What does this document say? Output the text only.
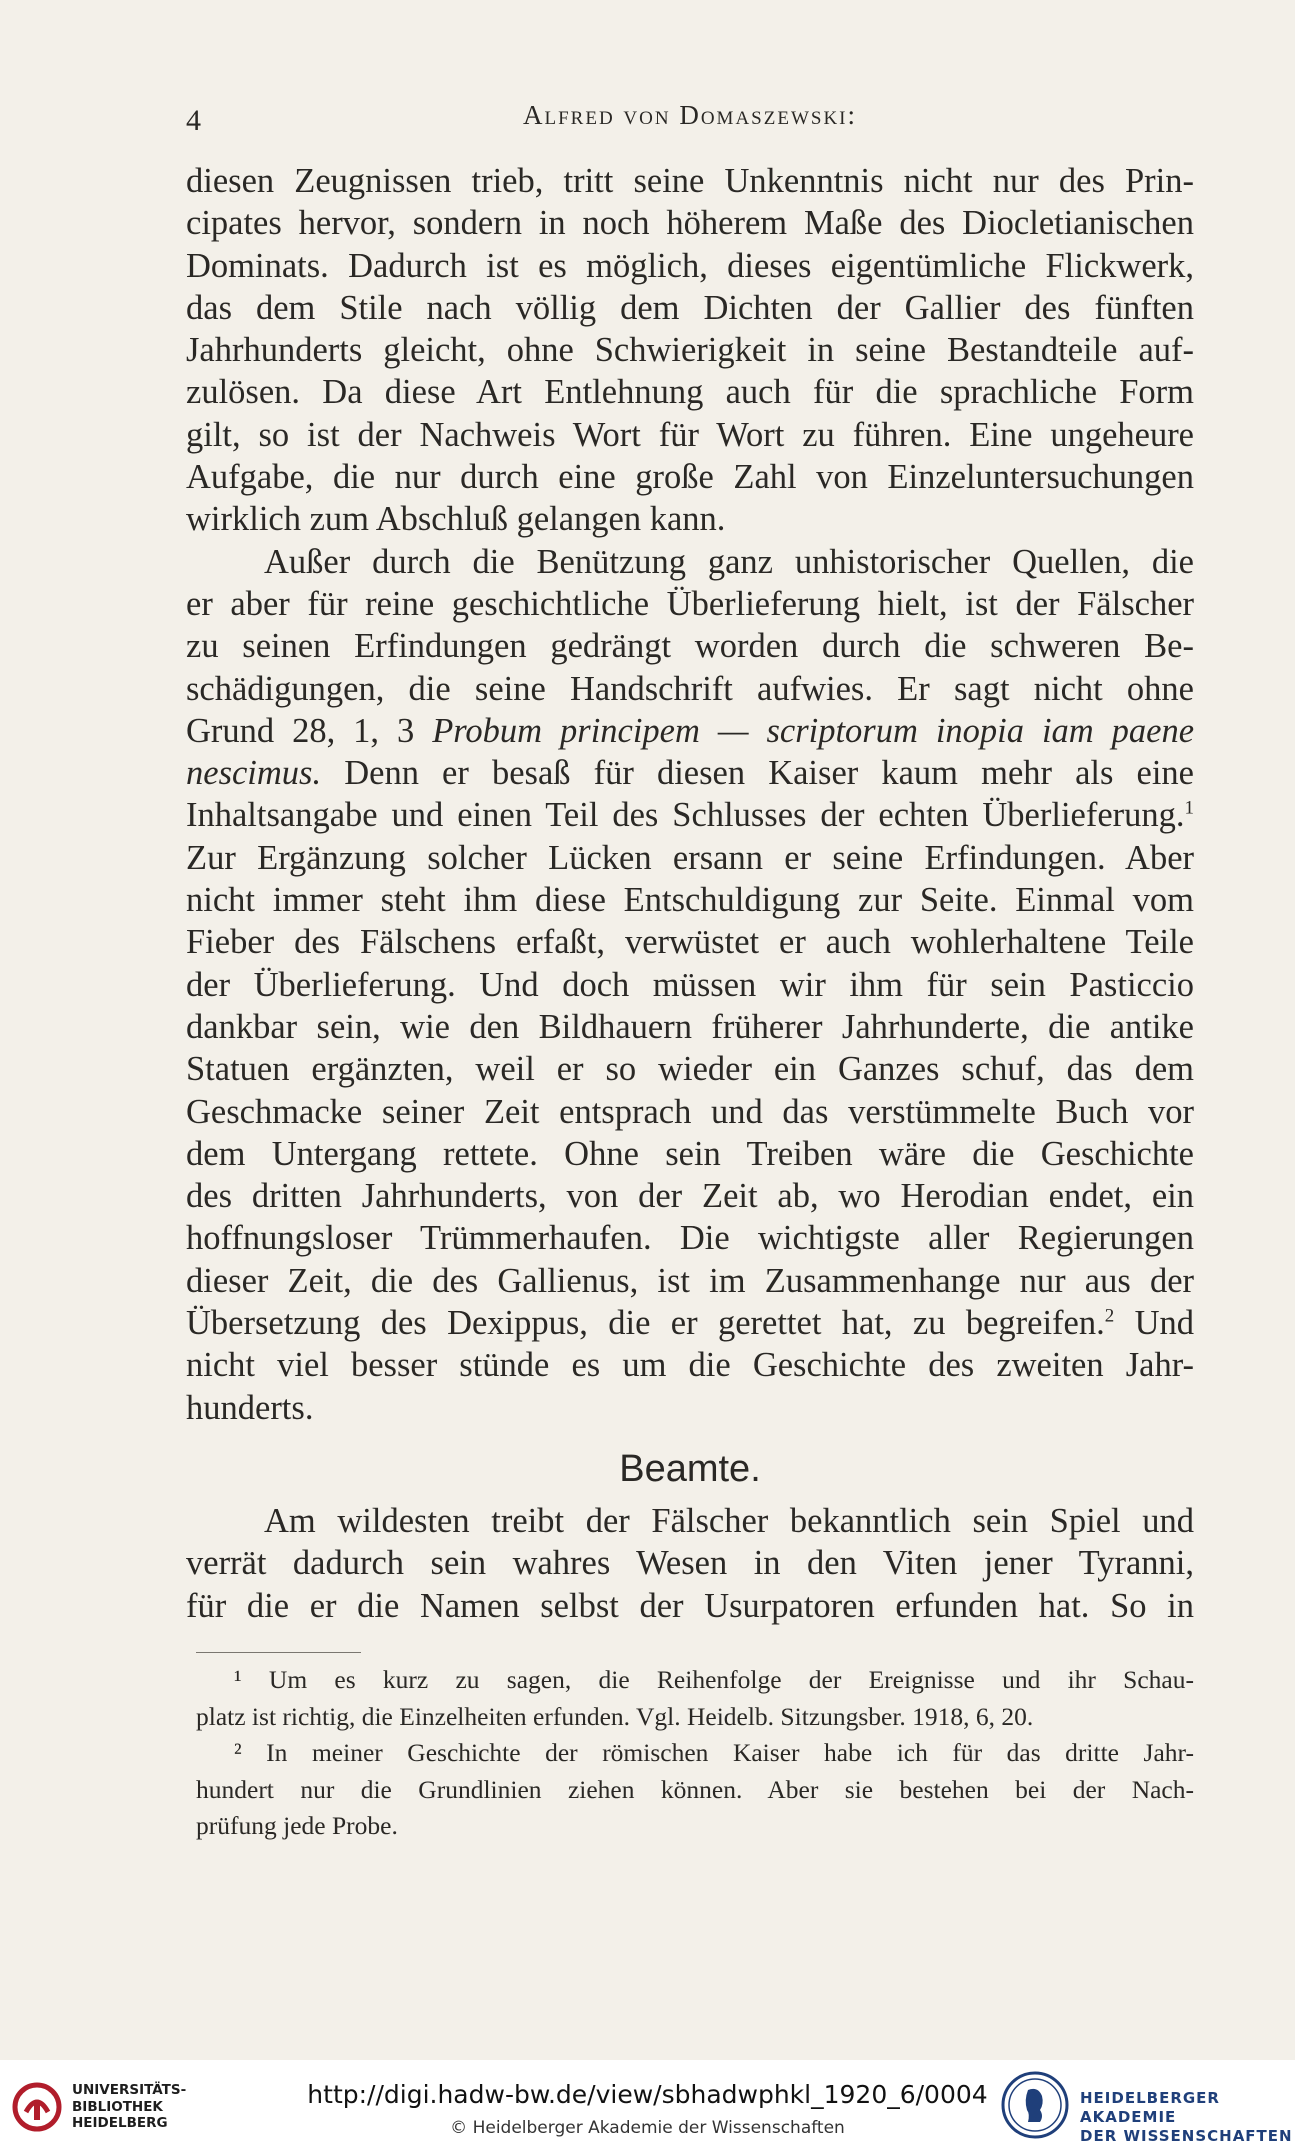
4	Alfred von Domaszewski:
diesen Zeugnissen trieb, tritt seine Unkenntnis nicht nur des Prin-
cipates hervor, sondern in noch höherem Maße des Diocletianischen
Dominats. Dadurch ist es möglich, dieses eigentümliche Flickwerk,
das dem Stile nach völlig dem Dichten der Gallier des fünften
Jahrhunderts gleicht, ohne Schwierigkeit in seine Bestandteile auf-
zulösen. Da diese Art Entlehnung auch für die sprachliche Form
gilt, so ist der Nachweis Wort für Wort zu führen. Eine ungeheure
Aufgabe, die nur durch eine große Zahl von Einzeluntersuchungen
wirklich zum Abschluß gelangen kann.
Außer durch die Benützung ganz unhistorischer Quellen, die
er aber für reine geschichtliche Überlieferung hielt, ist der Fälscher
zu seinen Erfindungen gedrängt worden durch die schweren Be-
schädigungen, die seine Handschrift aufwies. Er sagt nicht ohne
Grund 28, 1, 3 Probum principem — scriptorum inopia iam paene
nescimus. Denn er besaß für diesen Kaiser kaum mehr als eine
Inhaltsangabe und einen Teil des Schlusses der echten Überlieferung.$^1$
Zur Ergänzung solcher Lücken ersann er seine Erfindungen. Aber
nicht immer steht ihm diese Entschuldigung zur Seite. Einmal vom
Fieber des Fälschens erfaßt, verwüstet er auch wohlerhaltene Teile
der Überlieferung. Und doch müssen wir ihm für sein Pasticcio
dankbar sein, wie den Bildhauern früherer Jahrhunderte, die antike
Statuen ergänzten, weil er so wieder ein Ganzes schuf, das dem
Geschmacke seiner Zeit entsprach und das verstümmelte Buch vor
dem Untergang rettete. Ohne sein Treiben wäre die Geschichte
des dritten Jahrhunderts, von der Zeit ab, wo Herodian endet, ein
hoffnungsloser Trümmerhaufen. Die wichtigste aller Regierungen
dieser Zeit, die des Gallienus, ist im Zusammenhange nur aus der
Übersetzung des Dexippus, die er gerettet hat, zu begreifen.$^2$ Und
nicht viel besser stünde es um die Geschichte des zweiten Jahr-
hunderts.
Beamte.
Am wildesten treibt der Fälscher bekanntlich sein Spiel und
verrät dadurch sein wahres Wesen in den Viten jener Tyranni,
für die er die Namen selbst der Usurpatoren erfunden hat. So in
¹ Um es kurz zu sagen, die Reihenfolge der Ereignisse und ihr Schau-
platz ist richtig, die Einzelheiten erfunden. Vgl. Heidelb. Sitzungsber. 1918, 6, 20.
² In meiner Geschichte der römischen Kaiser habe ich für das dritte Jahr-
hundert nur die Grundlinien ziehen können. Aber sie bestehen bei der Nach-
prüfung jede Probe.
UNIVERSITÄTS-
BIBLIOTHEK
HEIDELBERG
http://digi.hadw-bw.de/view/sbhadwphkl_1920_6/0004
© Heidelberger Akademie der Wissenschaften
HEIDELBERGER AKADEMIE
DER WISSENSCHAFTEN
